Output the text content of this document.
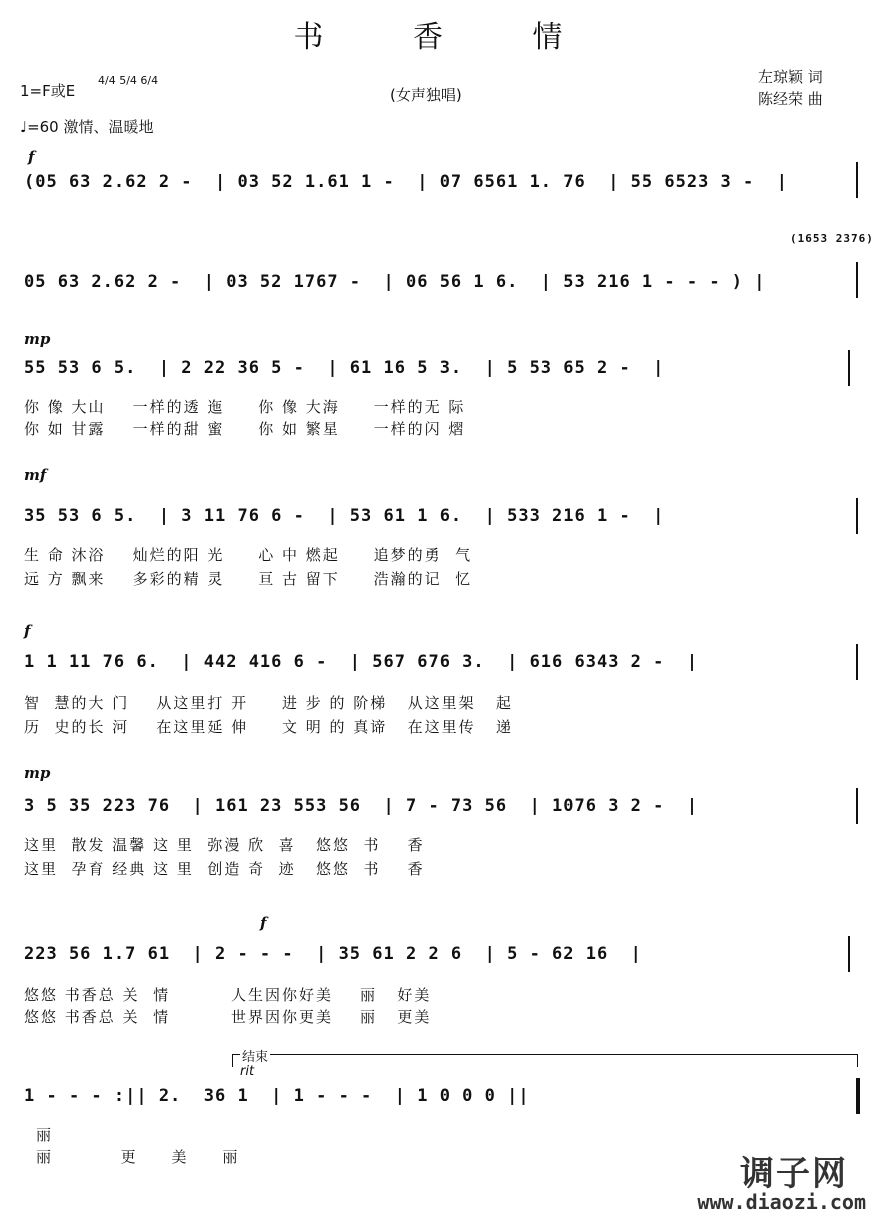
书 香 情
1=F或E
4/4 5/4 6/4
♩=60 激情、温暖地
(女声独唱)
左琼颖 词
陈经荣 曲
f
(05 63 2.62 2 -  | 03 52 1.61 1 -  | 07 6561 1. 76  | 55 6523 3 -  |
(1653 2376)
05 63 2.62 2 -  | 03 52 1767 -  | 06 56 1 6.  | 53 216 1 - - - ) |
mp
55 53 6 5.  | 2 22 36 5 -  | 61 16 5 3.  | 5 53 65 2 -  |
你 像 大山    一样的透 迤     你 像 大海     一样的无 际
你 如 甘露    一样的甜 蜜     你 如 繁星     一样的闪 熠
mf
35 53 6 5.  | 3 11 76 6 -  | 53 61 1 6.  | 533 216 1 -  |
生 命 沐浴    灿烂的阳 光     心 中 燃起     追梦的勇  气
远 方 飘来    多彩的精 灵     亘 古 留下     浩瀚的记  忆
f
1 1 11 76 6.  | 442 416 6 -  | 567 676 3.  | 616 6343 2 -  |
智  慧的大 门    从这里打 开     进 步 的 阶梯   从这里架   起
历  史的长 河    在这里延 伸     文 明 的 真谛   在这里传   递
mp
3 5 35 223 76  | 161 23 553 56  | 7 - 73 56  | 1076 3 2 -  |
这里  散发 温馨 这 里  弥漫 欣  喜   悠悠  书    香
这里  孕育 经典 这 里  创造 奇  迹   悠悠  书    香
f
223 56 1.7 61  | 2 - - -  | 35 61 2 2 6  | 5 - 62 16  |
悠悠 书香总 关  情         人生因你好美    丽   好美
悠悠 书香总 关  情         世界因你更美    丽   更美
结束
rit
1 - - - :|| 2.  36 1  | 1 - - -  | 1 0 0 0 ||
丽
丽          更     美     丽	调子网
www.diaozi.com
